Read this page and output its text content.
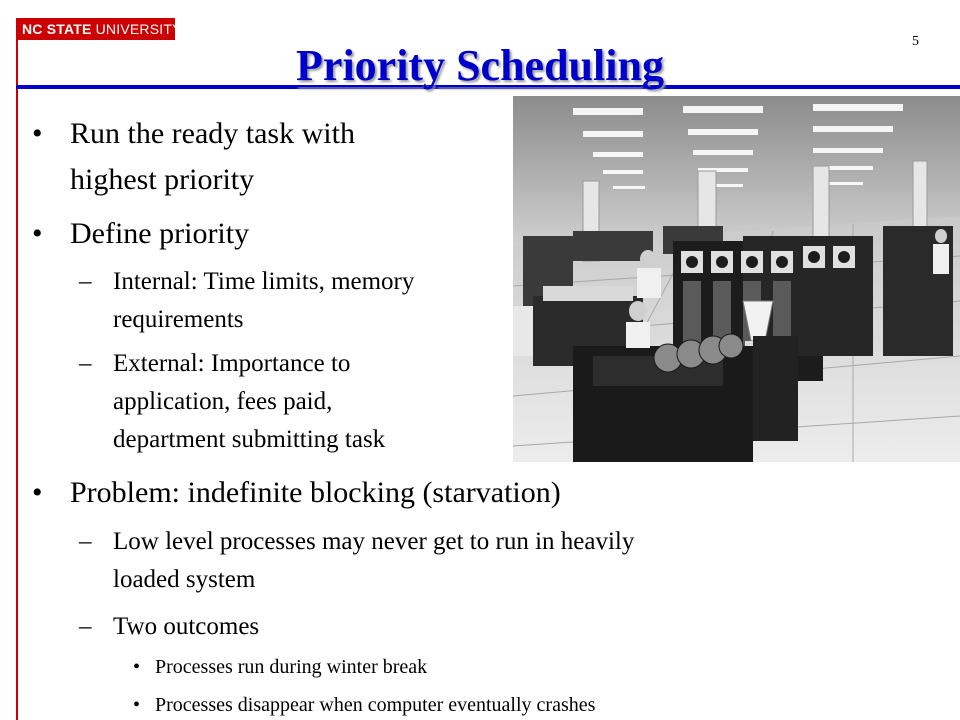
NC STATE UNIVERSITY
Priority Scheduling	5
• Run the ready task with
highest priority
• Define priority
– Internal: Time limits, memory
requirements
– External: Importance to
application, fees paid,
department submitting task
• Problem: indefinite blocking (starvation)
– Low level processes may never get to run in heavily
loaded system
– Two outcomes
• Processes run during winter break
• Processes disappear when computer eventually crashes
